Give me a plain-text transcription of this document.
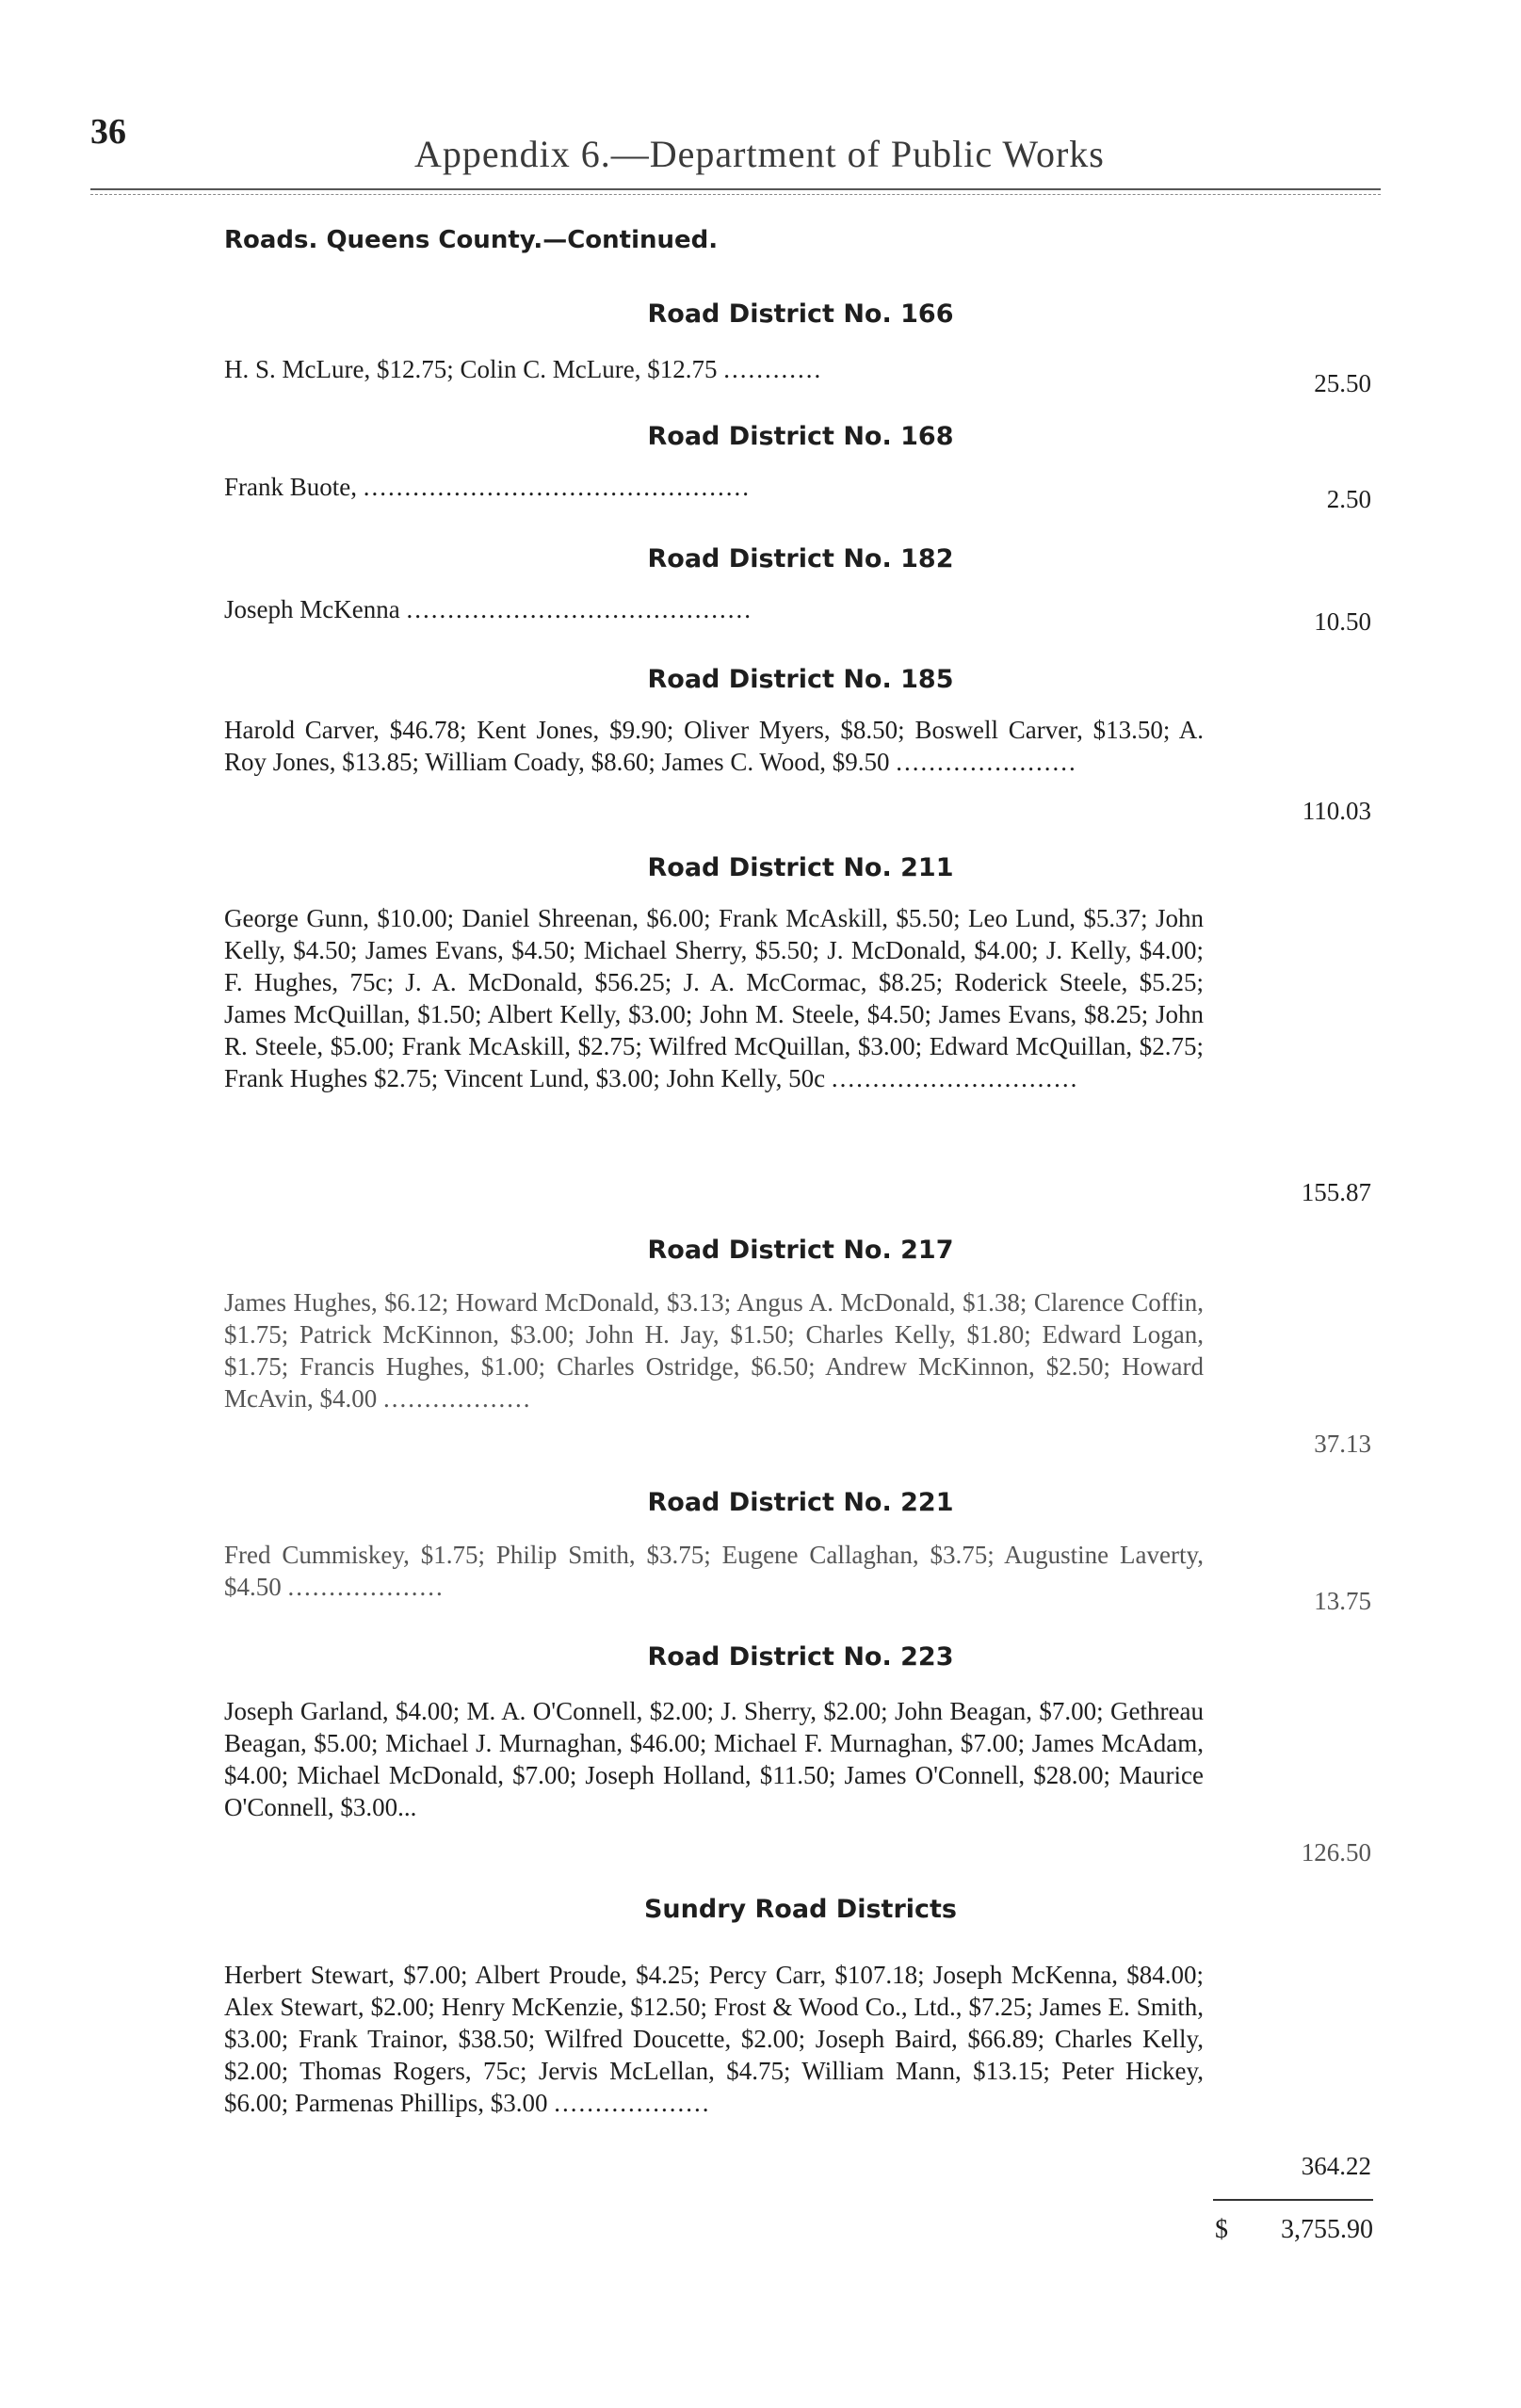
36
Appendix 6.—Department of Public Works
Roads. Queens County.—Continued.
Road District No. 166
H. S. McLure, $12.75; Colin C. McLure, $12.75 ............	25.50
Road District No. 168
Frank Buote, ...............................................	2.50
Road District No. 182
Joseph McKenna ..........................................	10.50
Road District No. 185
Harold Carver, $46.78; Kent Jones, $9.90; Oliver Myers, $8.50; Boswell Carver, $13.50; A. Roy Jones, $13.85; William Coady, $8.60; James C. Wood, $9.50 ......................
110.03
Road District No. 211
George Gunn, $10.00; Daniel Shreenan, $6.00; Frank McAskill, $5.50; Leo Lund, $5.37; John Kelly, $4.50; James Evans, $4.50; Michael Sherry, $5.50; J. McDonald, $4.00; J. Kelly, $4.00; F. Hughes, 75c; J. A. McDonald, $56.25; J. A. McCormac, $8.25; Roderick Steele, $5.25; James McQuillan, $1.50; Albert Kelly, $3.00; John M. Steele, $4.50; James Evans, $8.25; John R. Steele, $5.00; Frank McAskill, $2.75; Wilfred McQuillan, $3.00; Edward McQuillan, $2.75; Frank Hughes $2.75; Vincent Lund, $3.00; John Kelly, 50c ..............................
155.87
Road District No. 217
James Hughes, $6.12; Howard McDonald, $3.13; Angus A. McDonald, $1.38; Clarence Coffin, $1.75; Patrick McKinnon, $3.00; John H. Jay, $1.50; Charles Kelly, $1.80; Edward Logan, $1.75; Francis Hughes, $1.00; Charles Ostridge, $6.50; Andrew McKinnon, $2.50; Howard McAvin, $4.00 ..................
37.13
Road District No. 221
Fred Cummiskey, $1.75; Philip Smith, $3.75; Eugene Callaghan, $3.75; Augustine Laverty, $4.50 ...................	13.75
Road District No. 223
Joseph Garland, $4.00; M. A. O'Connell, $2.00; J. Sherry, $2.00; John Beagan, $7.00; Gethreau Beagan, $5.00; Michael J. Murnaghan, $46.00; Michael F. Murnaghan, $7.00; James McAdam, $4.00; Michael McDonald, $7.00; Joseph Holland, $11.50; James O'Connell, $28.00; Maurice O'Connell, $3.00...
126.50
Sundry Road Districts
Herbert Stewart, $7.00; Albert Proude, $4.25; Percy Carr, $107.18; Joseph McKenna, $84.00; Alex Stewart, $2.00; Henry McKenzie, $12.50; Frost & Wood Co., Ltd., $7.25; James E. Smith, $3.00; Frank Trainor, $38.50; Wilfred Doucette, $2.00; Joseph Baird, $66.89; Charles Kelly, $2.00; Thomas Rogers, 75c; Jervis McLellan, $4.75; William Mann, $13.15; Peter Hickey, $6.00; Parmenas Phillips, $3.00 ...................
364.22
$	3,755.90
